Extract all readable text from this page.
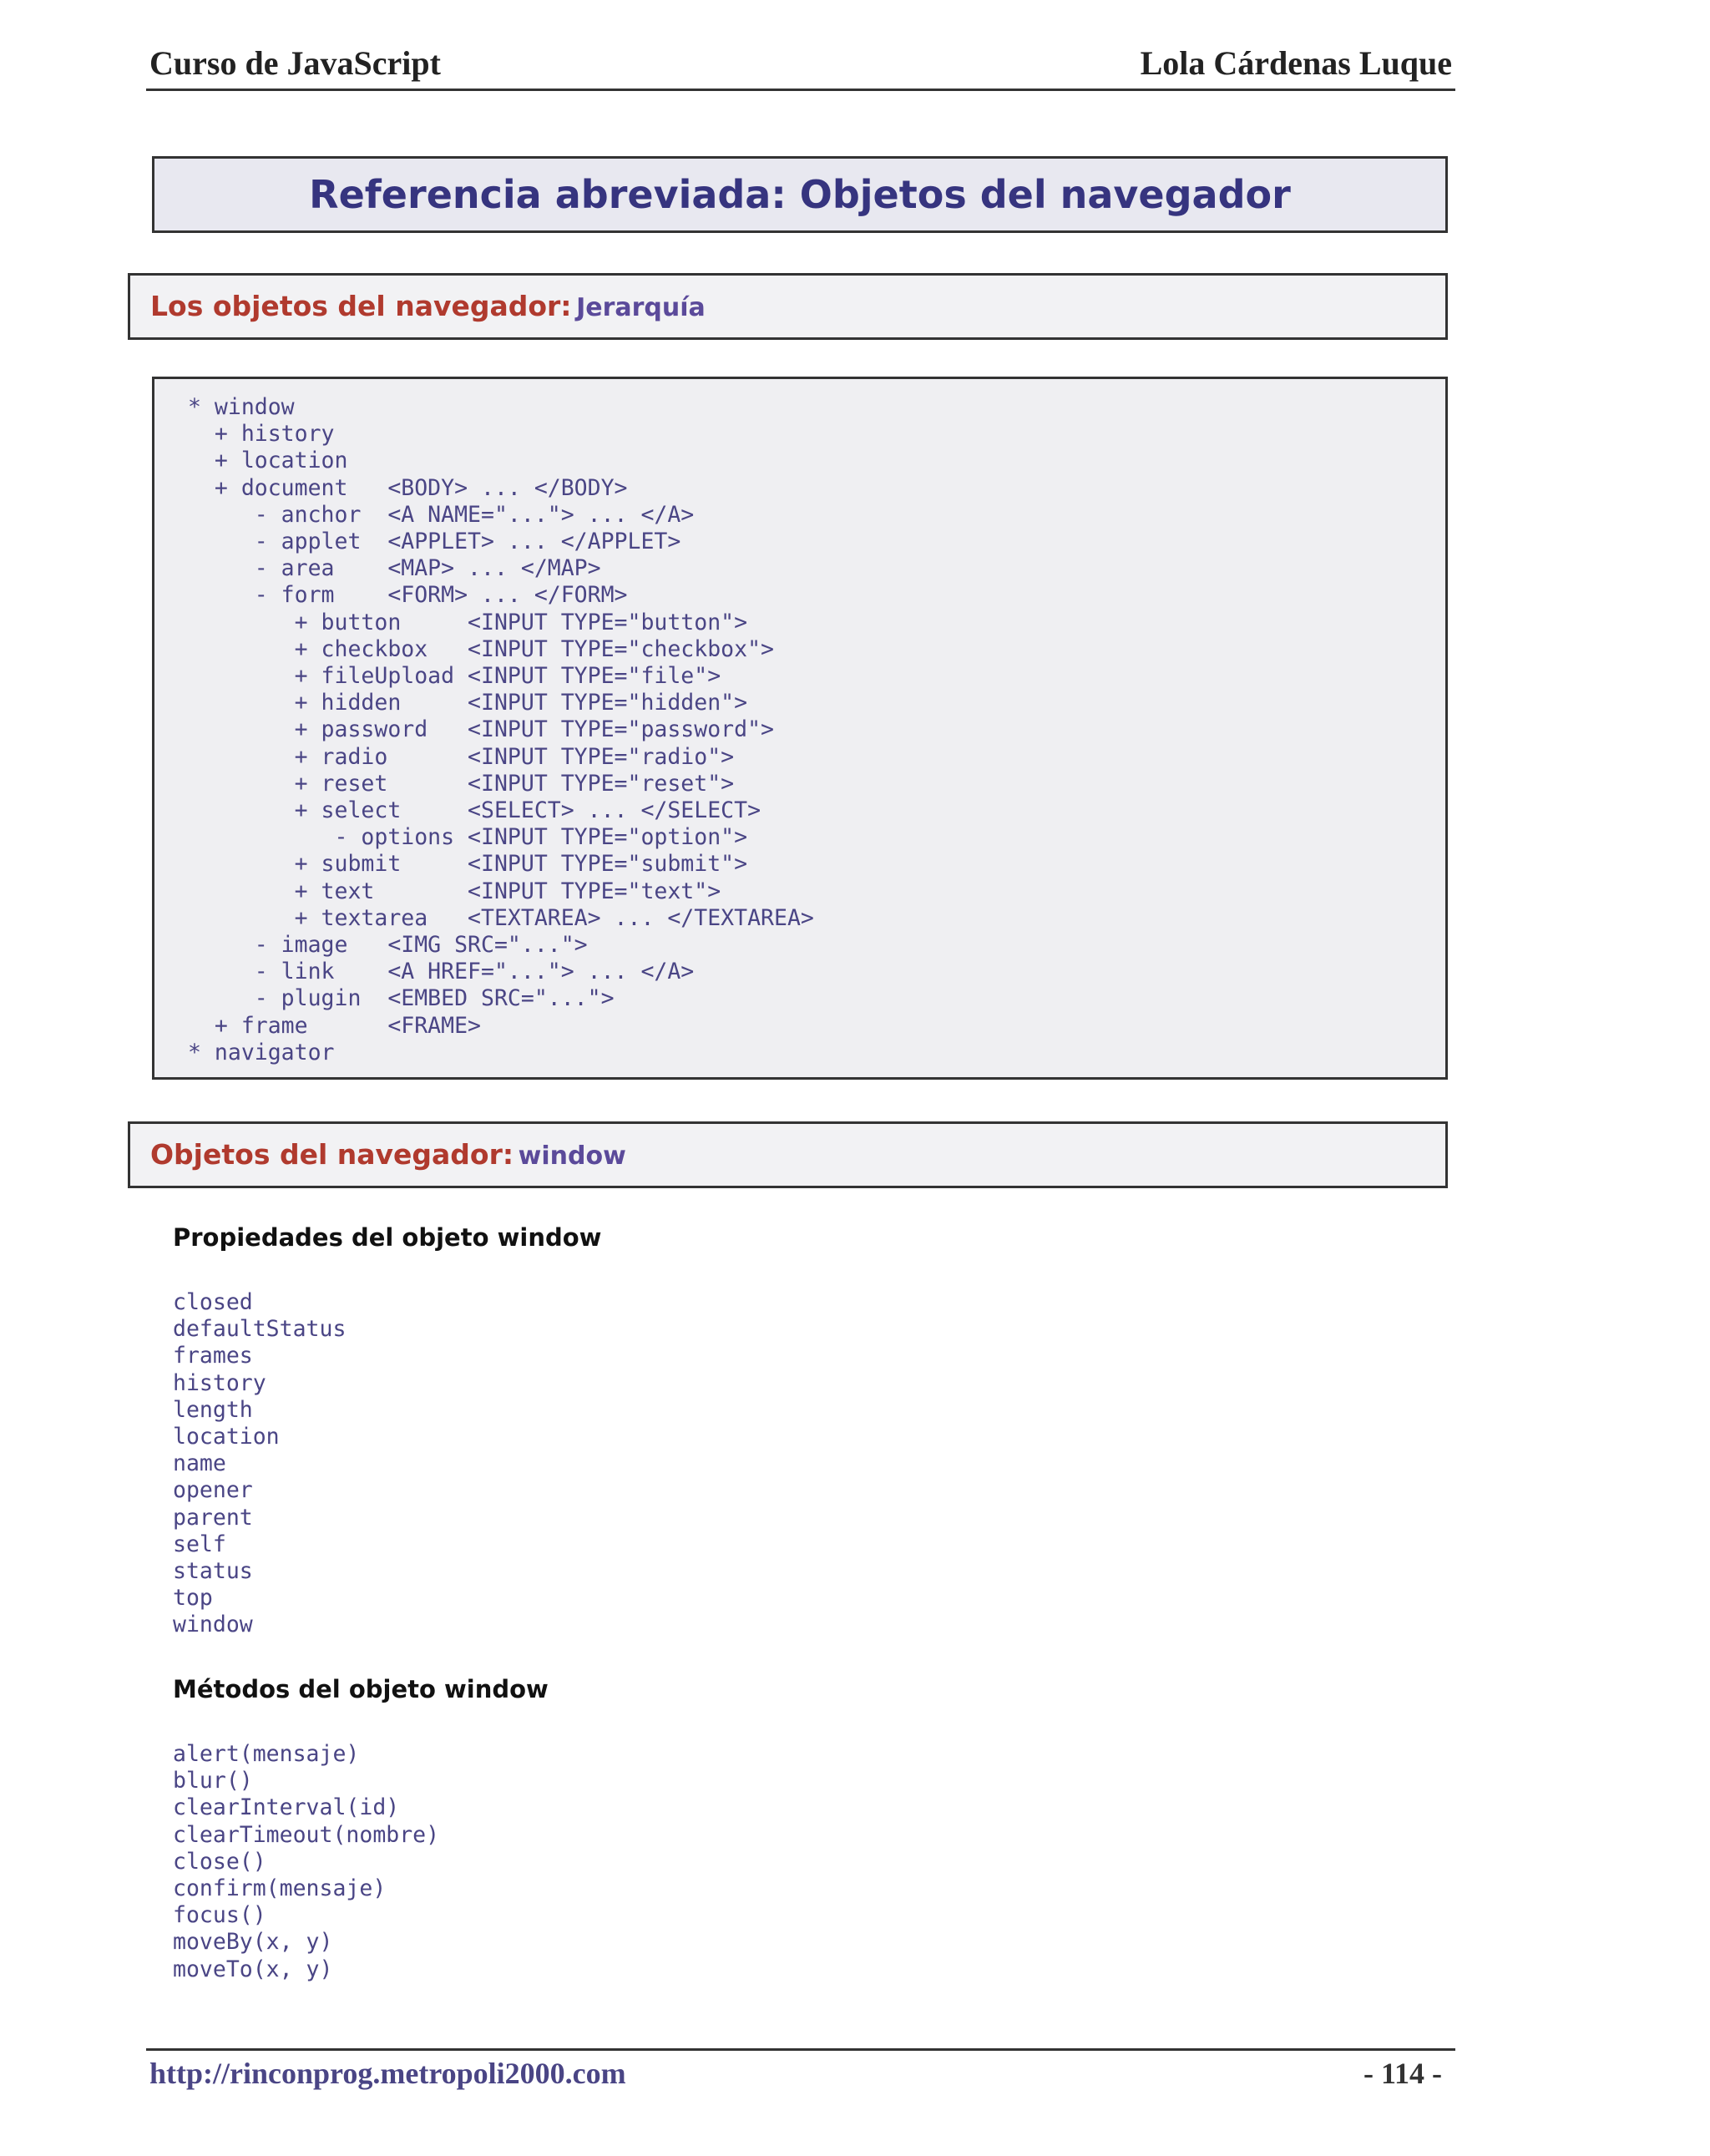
Curso de JavaScript	Lola Cárdenas Luque
Referencia abreviada: Objetos del navegador
Los objetos del navegador: Jerarquía
* window
+ history
+ location
+ document   <BODY> ... </BODY>
- anchor  <A NAME="..."> ... </A>
- applet  <APPLET> ... </APPLET>
- area    <MAP> ... </MAP>
- form    <FORM> ... </FORM>
+ button     <INPUT TYPE="button">
+ checkbox   <INPUT TYPE="checkbox">
+ fileUpload <INPUT TYPE="file">
+ hidden     <INPUT TYPE="hidden">
+ password   <INPUT TYPE="password">
+ radio      <INPUT TYPE="radio">
+ reset      <INPUT TYPE="reset">
+ select     <SELECT> ... </SELECT>
- options <INPUT TYPE="option">
+ submit     <INPUT TYPE="submit">
+ text       <INPUT TYPE="text">
+ textarea   <TEXTAREA> ... </TEXTAREA>
- image   <IMG SRC="...">
- link    <A HREF="..."> ... </A>
- plugin  <EMBED SRC="...">
+ frame      <FRAME>
* navigator
Objetos del navegador: window
Propiedades del objeto window
closed
defaultStatus
frames
history
length
location
name
opener
parent
self
status
top
window
Métodos del objeto window
alert(mensaje)
blur()
clearInterval(id)
clearTimeout(nombre)
close()
confirm(mensaje)
focus()
moveBy(x, y)
moveTo(x, y)
http://rinconprog.metropoli2000.com	- 114 -
